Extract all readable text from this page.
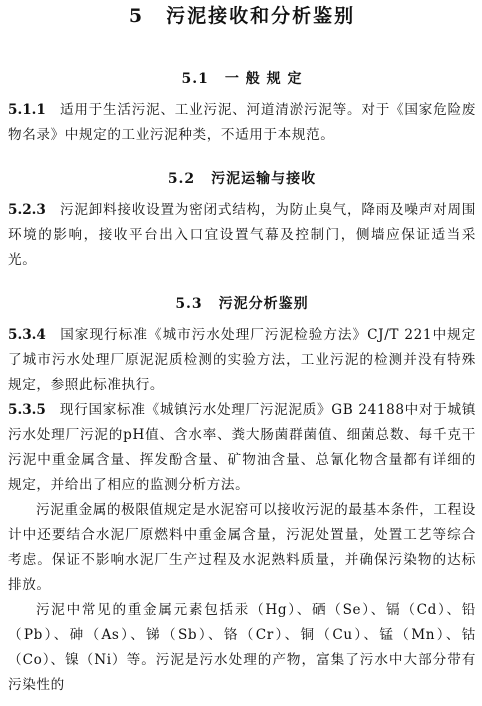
5 污泥接收和分析鉴别
5.1 一 般 规 定

5.1.1 适用于生活污泥、工业污泥、河道清淤污泥等。对于《国家危险废物名录》中规定的工业污泥种类，不适用于本规范。

5.2 污泥运输与接收

5.2.3 污泥卸料接收设置为密闭式结构，为防止臭气，降雨及噪声对周围环境的影响，接收平台出入口宜设置气幕及控制门，侧墙应保证适当采光。

5.3 污泥分析鉴别

5.3.4 国家现行标准《城市污水处理厂污泥检验方法》CJ/T 221中规定了城市污水处理厂原泥泥质检测的实验方法，工业污泥的检测并没有特殊规定，参照此标准执行。

5.3.5 现行国家标准《城镇污水处理厂污泥泥质》GB 24188中对于城镇污水处理厂污泥的pH值、含水率、粪大肠菌群菌值、细菌总数、每千克干污泥中重金属含量、挥发酚含量、矿物油含量、总氰化物含量都有详细的规定，并给出了相应的监测分析方法。

污泥重金属的极限值规定是水泥窑可以接收污泥的最基本条件，工程设计中还要结合水泥厂原燃料中重金属含量，污泥处置量，处置工艺等综合考虑。保证不影响水泥厂生产过程及水泥熟料质量，并确保污染物的达标排放。

污泥中常见的重金属元素包括汞（Hg）、硒（Se）、镉（Cd）、铅（Pb）、砷（As）、锑（Sb）、铬（Cr）、铜（Cu）、锰（Mn）、钴（Co）、镍（Ni）等。污泥是污水处理的产物，富集了污水中大部分带有污染性的
